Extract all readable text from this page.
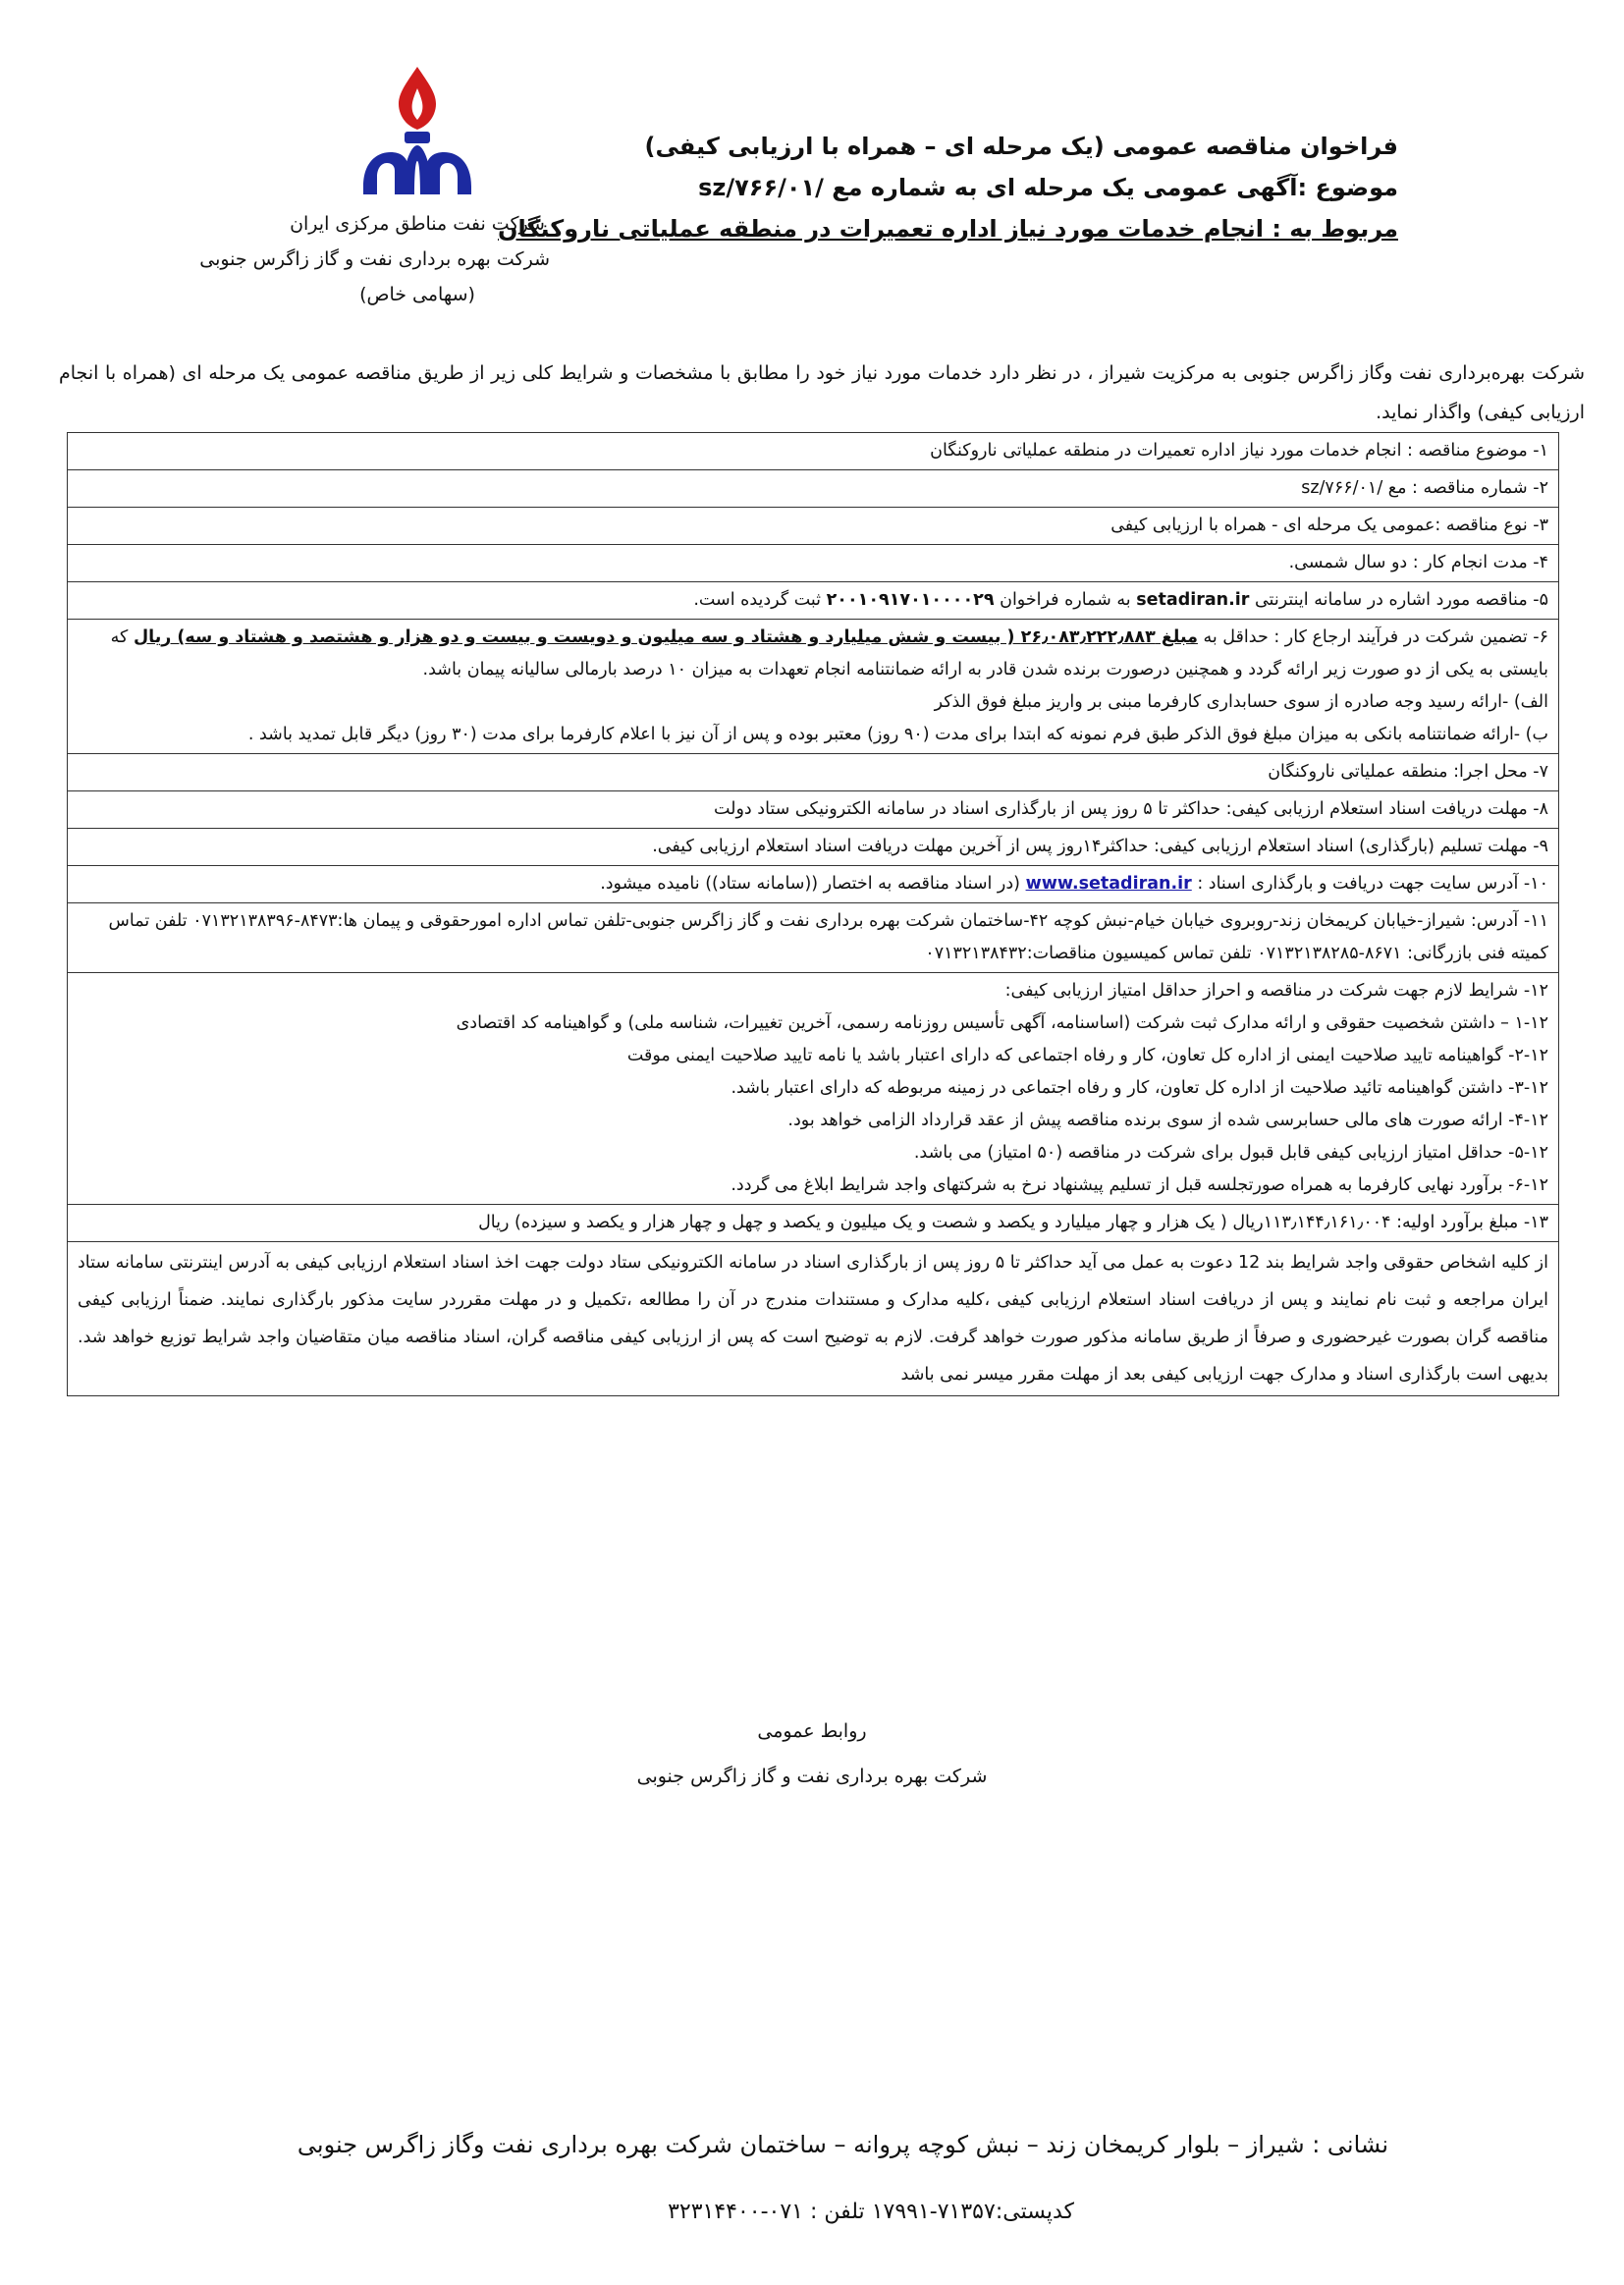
شرکت نفت مناطق مرکزی ایران
شرکت بهره برداری نفت و گاز زاگرس جنوبی
(سهامی خاص)
فراخوان مناقصه عمومی (یک مرحله ای – همراه با ارزیابی کیفی)
موضوع :آگهی عمومی یک مرحله ای به شماره مع /۷۶۶/۰۱/sz
مربوط به : انجام خدمات مورد نیاز اداره تعمیرات در منطقه عملیاتی ناروکنگان
شرکت بهره‌برداری نفت وگاز زاگرس جنوبی به مرکزیت شیراز ، در نظر دارد خدمات مورد نیاز خود را مطابق با مشخصات و شرایط کلی زیر از طریق مناقصه عمومی یک مرحله ای (همراه با انجام ارزیابی کیفی) واگذار نماید.
۱- موضوع مناقصه : انجام خدمات مورد نیاز اداره تعمیرات در منطقه عملیاتی ناروکنگان
۲- شماره مناقصه : مع /۷۶۶/۰۱/sz
۳- نوع مناقصه :عمومی یک مرحله ای - همراه با ارزیابی کیفی
۴- مدت انجام کار : دو سال شمسی.
۵- مناقصه مورد اشاره در سامانه اینترنتی setadiran.ir به شماره فراخوان ۲۰۰۱۰۹۱۷۰۱۰۰۰۰۲۹ ثبت گردیده است.
۶- تضمین شرکت در فرآیند ارجاع کار : حداقل به مبلغ ۲۶٫۰۸۳٫۲۲۲٫۸۸۳ ( بیست و شش میلیارد و هشتاد و سه میلیون و دویست و بیست و دو هزار و هشتصد و هشتاد و سه) ریال که بایستی به یکی از دو صورت زیر ارائه گردد و همچنین درصورت برنده شدن قادر به ارائه ضمانتنامه انجام تعهدات به میزان ۱۰ درصد بارمالی سالیانه پیمان باشد.
الف) -ارائه رسید وجه صادره از سوی حسابداری کارفرما مبنی بر واریز مبلغ فوق الذکر
ب) -ارائه ضمانتنامه بانکی به میزان مبلغ فوق الذکر طبق فرم نمونه که ابتدا برای مدت (۹۰ روز) معتبر بوده و پس از آن نیز با اعلام کارفرما برای مدت (۳۰ روز) دیگر قابل تمدید باشد .

۷- محل اجرا: منطقه عملیاتی ناروکنگان
۸- مهلت دریافت اسناد استعلام ارزیابی کیفی: حداکثر تا ۵ روز پس از بارگذاری اسناد در سامانه الکترونیکی ستاد دولت
۹- مهلت تسلیم (بارگذاری) اسناد استعلام ارزیابی کیفی: حداکثر۱۴روز پس از آخرین مهلت دریافت اسناد استعلام ارزیابی کیفی.
۱۰- آدرس سایت جهت دریافت و بارگذاری اسناد : www.setadiran.ir (در اسناد مناقصه به اختصار ((سامانه ستاد)) نامیده میشود.
۱۱- آدرس: شیراز-خیابان کریمخان زند-روبروی خیابان خیام-نبش کوچه ۴۲-ساختمان شرکت بهره برداری نفت و گاز زاگرس جنوبی-تلفن تماس اداره امورحقوقی و پیمان ها:۸۴۷۳-۰۷۱۳۲۱۳۸۳۹۶ تلفن تماس کمیته فنی بازرگانی: ۸۶۷۱-۰۷۱۳۲۱۳۸۲۸۵ تلفن تماس کمیسیون مناقصات:۰۷۱۳۲۱۳۸۴۳۲

۱۲- شرایط لازم جهت شرکت در مناقصه و احراز حداقل امتیاز ارزیابی کیفی:
۱-۱۲ – داشتن شخصیت حقوقی و ارائه مدارک ثبت شرکت (اساسنامه، آگهی تأسیس روزنامه رسمی، آخرین تغییرات، شناسه ملی) و گواهینامه کد اقتصادی
۲-۱۲- گواهینامه تایید صلاحیت ایمنی از اداره کل تعاون، کار و رفاه اجتماعی که دارای اعتبار باشد یا نامه تایید صلاحیت ایمنی موقت
۳-۱۲- داشتن گواهینامه تائید صلاحیت از اداره کل تعاون، کار و رفاه اجتماعی در زمینه مربوطه که دارای اعتبار باشد.
۴-۱۲- ارائه صورت های مالی حسابرسی شده از سوی برنده مناقصه پیش از عقد قرارداد الزامی خواهد بود.
۵-۱۲- حداقل امتیاز ارزیابی کیفی قابل قبول برای شرکت در مناقصه (۵۰ امتیاز) می باشد.
۶-۱۲- برآورد نهایی کارفرما به همراه صورتجلسه قبل از تسلیم پیشنهاد نرخ به شرکتهای واجد شرایط ابلاغ می گردد.

۱۳- مبلغ برآورد اولیه: ۱۱۳٫۱۴۴٫۱۶۱٫۰۰۴ریال ( یک هزار و چهار میلیارد و یکصد و شصت و یک میلیون و یکصد و چهل و چهار هزار و یکصد و سیزده) ریال
از کلیه اشخاص حقوقی واجد شرایط بند 12 دعوت به عمل می آید حداکثر تا ۵ روز پس از بارگذاری اسناد در سامانه الکترونیکی ستاد دولت جهت اخذ اسناد استعلام ارزیابی کیفی به آدرس اینترنتی سامانه ستاد ایران مراجعه و ثبت نام نمایند و پس از دریافت اسناد استعلام ارزیابی کیفی ،کلیه مدارک و مستندات مندرج در آن را مطالعه ،تکمیل و در مهلت مقرردر سایت مذکور بارگذاری نمایند. ضمناً ارزیابی کیفی مناقصه گران بصورت غیرحضوری و صرفاً از طریق سامانه مذکور صورت خواهد گرفت. لازم به توضیح است که پس از ارزیابی کیفی مناقصه گران، اسناد مناقصه میان متقاضیان واجد شرایط توزیع خواهد شد. بدیهی است بارگذاری اسناد و مدارک جهت ارزیابی کیفی بعد از مهلت مقرر میسر نمی باشد
روابط عمومی
شرکت بهره برداری نفت و گاز زاگرس جنوبی
نشانی : شیراز – بلوار کریمخان زند – نبش کوچه پروانه – ساختمان شرکت بهره برداری نفت وگاز زاگرس جنوبی
کدپستی:۷۱۳۵۷-۱۷۹۹۱ تلفن : ۰۷۱-۳۲۳۱۴۴۰۰
